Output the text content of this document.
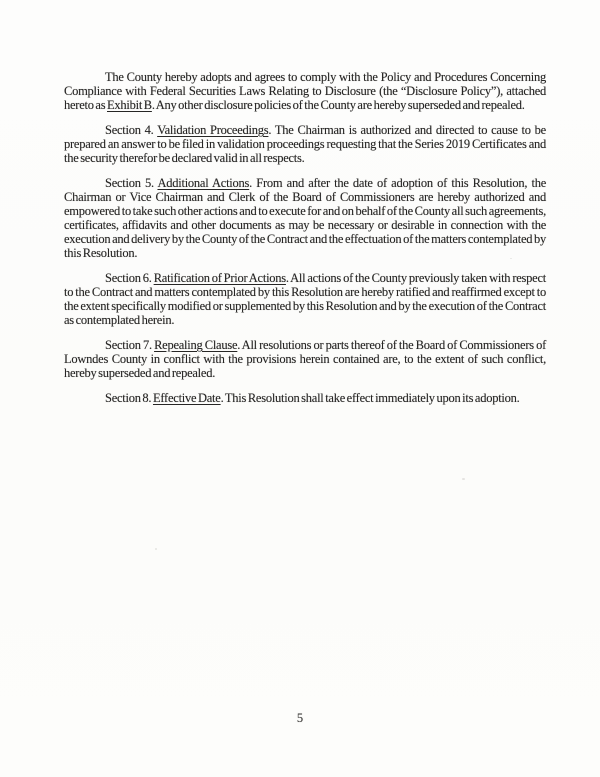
The County hereby adopts and agrees to comply with the Policy and Procedures Concerning Compliance with Federal Securities Laws Relating to Disclosure (the “Disclosure Policy”), attached hereto as Exhibit B. Any other disclosure policies of the County are hereby superseded and repealed.

Section 4. Validation Proceedings. The Chairman is authorized and directed to cause to be prepared an answer to be filed in validation proceedings requesting that the Series 2019 Certificates and the security therefor be declared valid in all respects.

Section 5. Additional Actions. From and after the date of adoption of this Resolution, the Chairman or Vice Chairman and Clerk of the Board of Commissioners are hereby authorized and empowered to take such other actions and to execute for and on behalf of the County all such agreements, certificates, affidavits and other documents as may be necessary or desirable in connection with the execution and delivery by the County of the Contract and the effectuation of the matters contemplated by this Resolution.

Section 6. Ratification of Prior Actions. All actions of the County previously taken with respect to the Contract and matters contemplated by this Resolution are hereby ratified and reaffirmed except to the extent specifically modified or supplemented by this Resolution and by the execution of the Contract as contemplated herein.

Section 7. Repealing Clause. All resolutions or parts thereof of the Board of Commissioners of Lowndes County in conflict with the provisions herein contained are, to the extent of such conflict, hereby superseded and repealed.

Section 8. Effective Date. This Resolution shall take effect immediately upon its adoption.

5
